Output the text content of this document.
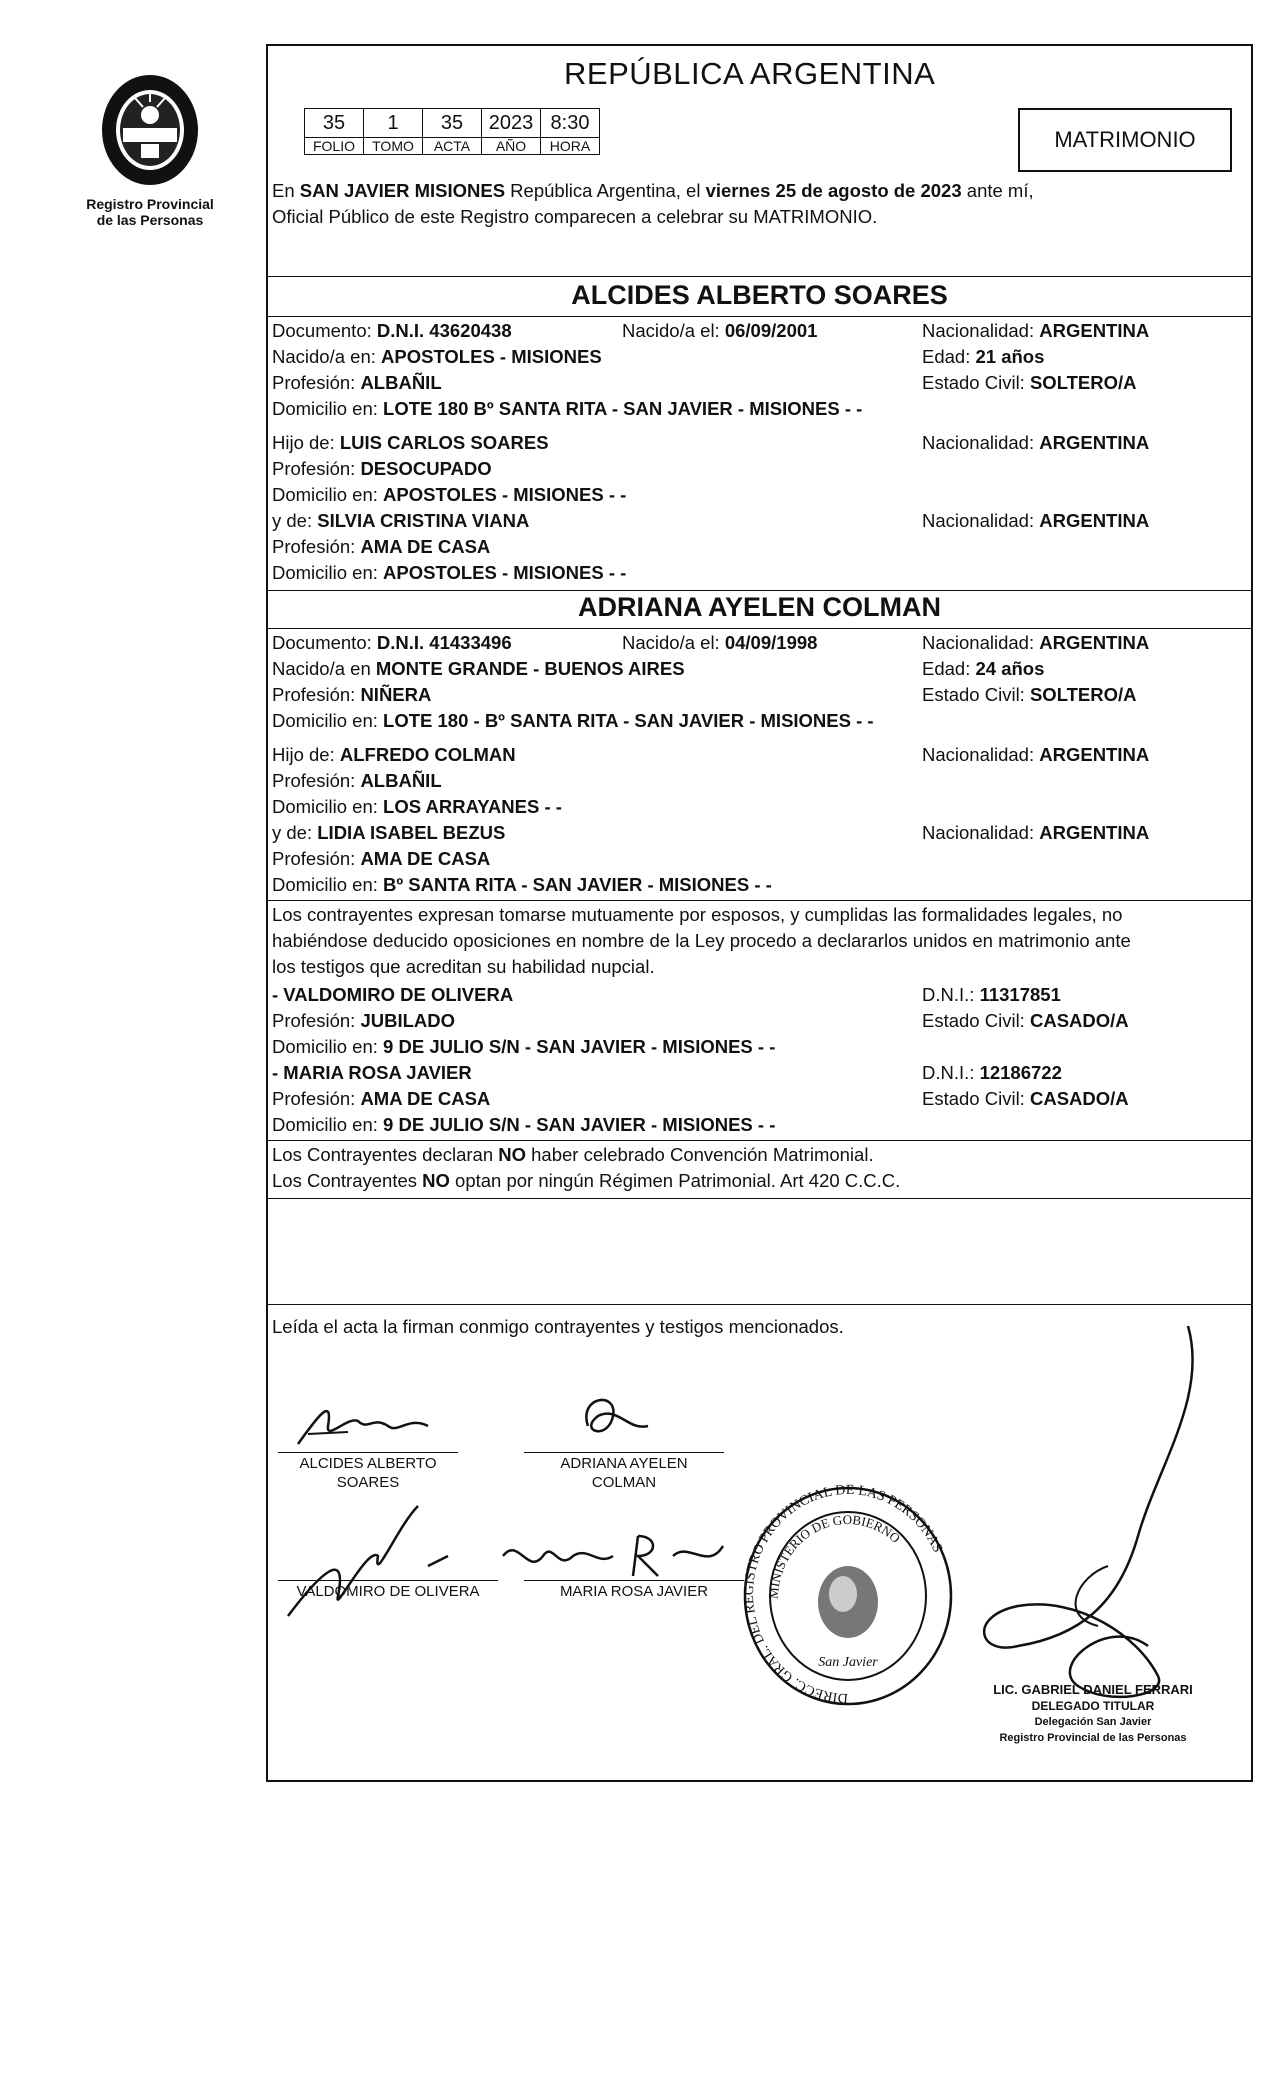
Registro Provincial
de las Personas
REPÚBLICA ARGENTINA
35	1	35	2023	8:30
FOLIO	TOMO	ACTA	AÑO	HORA	MATRIMONIO
En SAN JAVIER MISIONES República Argentina, el viernes 25 de agosto de 2023 ante mí,
Oficial Público de este Registro comparecen a celebrar su MATRIMONIO.
ALCIDES ALBERTO SOARES
Documento: D.N.I. 43620438	Nacido/a el: 06/09/2001	Nacionalidad: ARGENTINA
Nacido/a en: APOSTOLES - MISIONES	Edad: 21 años
Profesión: ALBAÑIL	Estado Civil: SOLTERO/A
Domicilio en: LOTE 180 Bº SANTA RITA - SAN JAVIER - MISIONES - -
Hijo de: LUIS CARLOS SOARES	Nacionalidad: ARGENTINA
Profesión: DESOCUPADO
Domicilio en: APOSTOLES - MISIONES - -
y de: SILVIA CRISTINA VIANA	Nacionalidad: ARGENTINA
Profesión: AMA DE CASA
Domicilio en: APOSTOLES - MISIONES - -
ADRIANA AYELEN COLMAN
Documento: D.N.I. 41433496	Nacido/a el: 04/09/1998	Nacionalidad: ARGENTINA
Nacido/a en MONTE GRANDE - BUENOS AIRES	Edad: 24 años
Profesión: NIÑERA	Estado Civil: SOLTERO/A
Domicilio en: LOTE 180 - Bº SANTA RITA - SAN JAVIER - MISIONES - -
Hijo de: ALFREDO COLMAN	Nacionalidad: ARGENTINA
Profesión: ALBAÑIL
Domicilio en: LOS ARRAYANES - -
y de: LIDIA ISABEL BEZUS	Nacionalidad: ARGENTINA
Profesión: AMA DE CASA
Domicilio en: Bº SANTA RITA - SAN JAVIER - MISIONES - -
Los contrayentes expresan tomarse mutuamente por esposos, y cumplidas las formalidades legales, no
habiéndose deducido oposiciones en nombre de la Ley procedo a declararlos unidos en matrimonio ante
los testigos que acreditan su habilidad nupcial.
- VALDOMIRO DE OLIVERA	D.N.I.: 11317851
Profesión: JUBILADO	Estado Civil: CASADO/A
Domicilio en: 9 DE JULIO S/N - SAN JAVIER - MISIONES - -
- MARIA ROSA JAVIER	D.N.I.: 12186722
Profesión: AMA DE CASA	Estado Civil: CASADO/A
Domicilio en: 9 DE JULIO S/N - SAN JAVIER - MISIONES - -
Los Contrayentes declaran NO haber celebrado Convención Matrimonial.
Los Contrayentes NO optan por ningún Régimen Patrimonial. Art 420 C.C.C.
Leída el acta la firman conmigo contrayentes y testigos mencionados.
ALCIDES ALBERTO
SOARES
ADRIANA AYELEN
COLMAN
VALDOMIRO DE OLIVERA	MARIA ROSA JAVIER
LIC. GABRIEL DANIEL FERRARI
DELEGADO TITULAR
Delegación San Javier
Registro Provincial de las Personas
DIRECC. GRAL. DEL REGISTRO PROVINCIAL DE LAS PERSONAS
MINISTERIO DE GOBIERNO
San Javier
